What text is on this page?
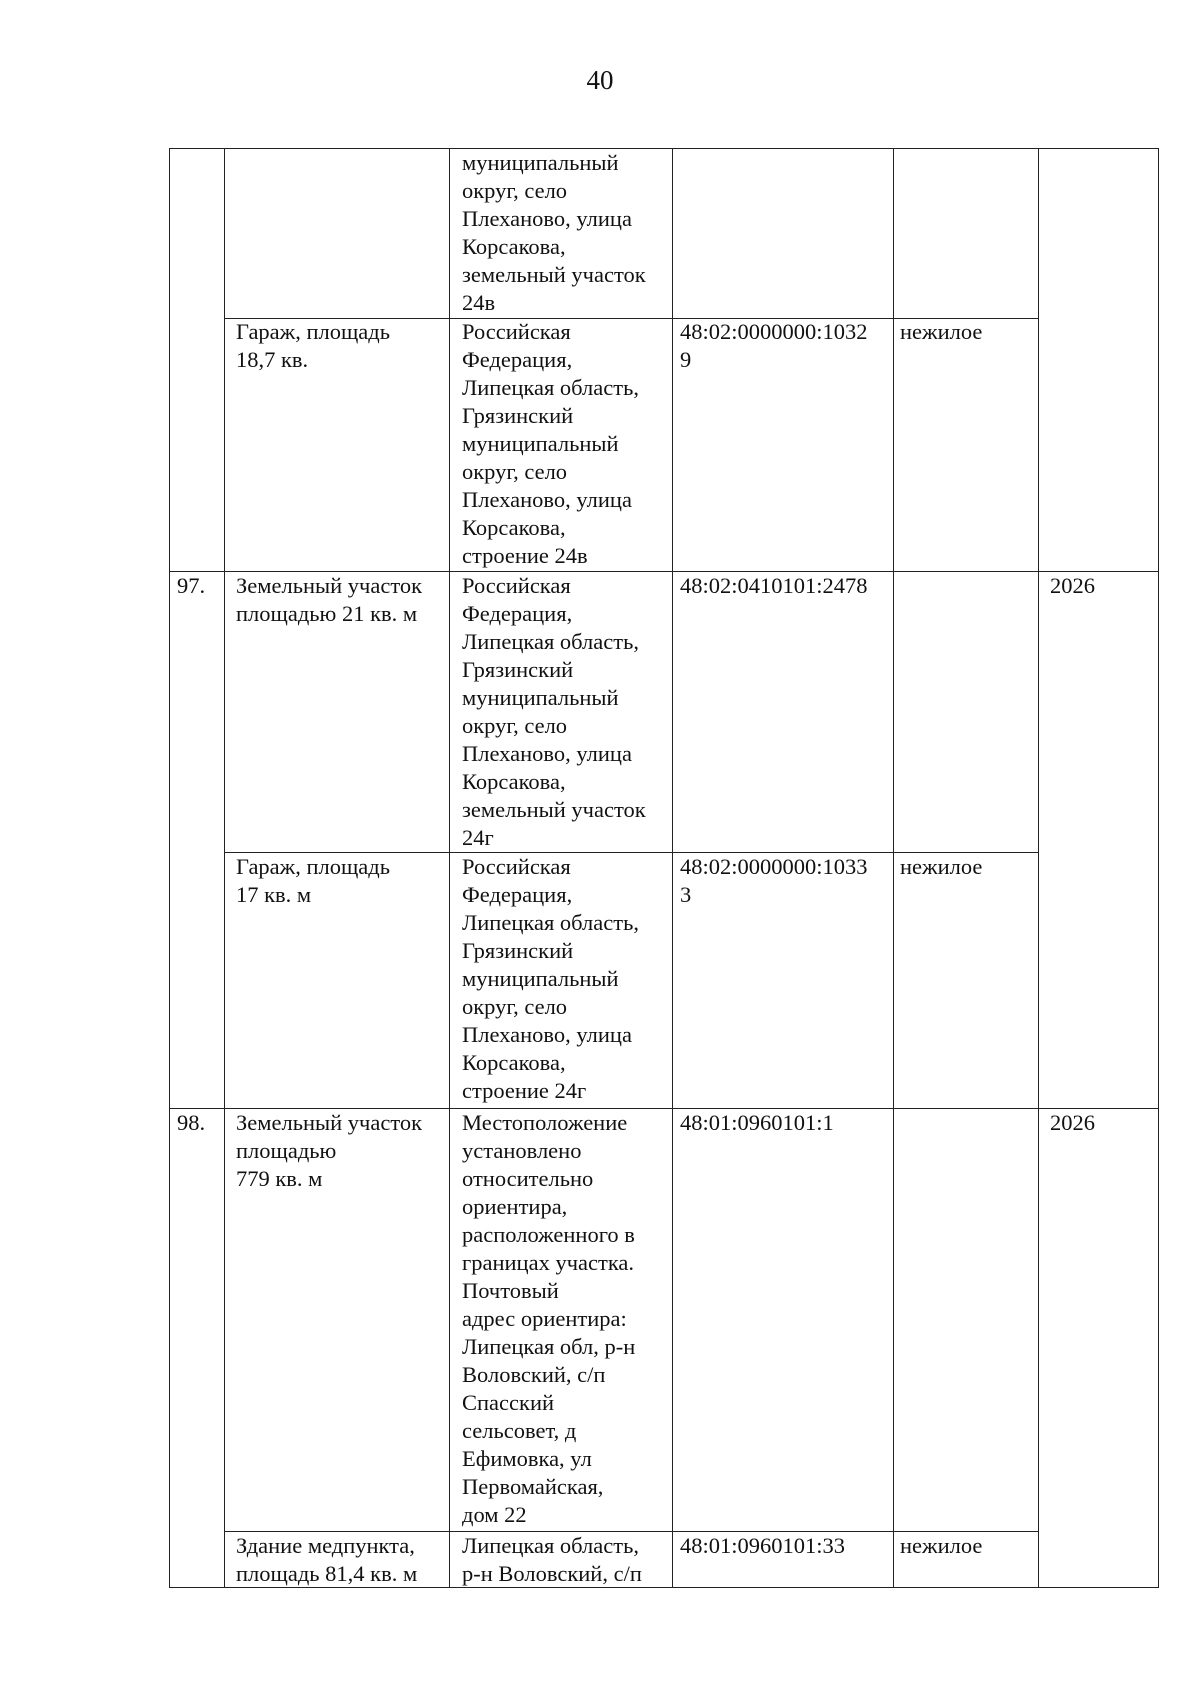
40
муниципальный
округ, село
Плеханово, улица
Корсакова,
земельный участок
24в
Гараж, площадь
18,7 кв.
Российская
Федерация,
Липецкая область,
Грязинский
муниципальный
округ, село
Плеханово, улица
Корсакова,
строение 24в
48:02:0000000:1032
9
нежилое
97. Земельный участок
площадью 21 кв. м
Российская
Федерация,
Липецкая область,
Грязинский
муниципальный
округ, село
Плеханово, улица
Корсакова,
земельный участок
24г
48:02:0410101:2478	2026
Гараж, площадь
17 кв. м
Российская
Федерация,
Липецкая область,
Грязинский
муниципальный
округ, село
Плеханово, улица
Корсакова,
строение 24г
48:02:0000000:1033
3
нежилое
98. Земельный участок
площадью
779 кв. м
Местоположение
установлено
относительно
ориентира,
расположенного в
границах участка.
Почтовый
адрес ориентира:
Липецкая обл, р-н
Воловский, с/п
Спасский
сельсовет, д
Ефимовка, ул
Первомайская,
дом 22
48:01:0960101:1	2026
Здание медпункта,
площадь 81,4 кв. м
Липецкая область,
р-н Воловский, с/п
48:01:0960101:33 нежилое
